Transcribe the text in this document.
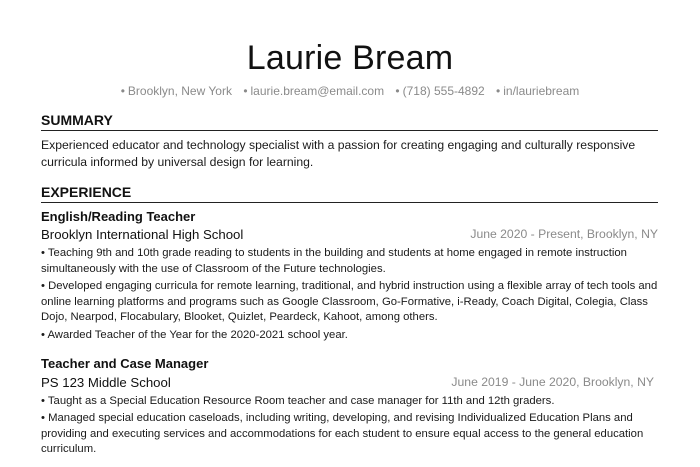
Laurie Bream
• Brooklyn, New York • laurie.bream@email.com • (718) 555-4892 • in/lauriebream
SUMMARY
Experienced educator and technology specialist with a passion for creating engaging and culturally responsive curricula informed by universal design for learning.
EXPERIENCE
English/Reading Teacher
Brooklyn International High School	June 2020 - Present, Brooklyn, NY
• Teaching 9th and 10th grade reading to students in the building and students at home engaged in remote instruction simultaneously with the use of Classroom of the Future technologies.
• Developed engaging curricula for remote learning, traditional, and hybrid instruction using a flexible array of tech tools and online learning platforms and programs such as Google Classroom, Go-Formative, i-Ready, Coach Digital, Colegia, Class Dojo, Nearpod, Flocabulary, Blooket, Quizlet, Peardeck, Kahoot, among others.
• Awarded Teacher of the Year for the 2020-2021 school year.
Teacher and Case Manager
PS 123 Middle School	June 2019 - June 2020, Brooklyn, NY
• Taught as a Special Education Resource Room teacher and case manager for 11th and 12th graders.
• Managed special education caseloads, including writing, developing, and revising Individualized Education Plans and providing and executing services and accommodations for each student to ensure equal access to the general education curriculum.
